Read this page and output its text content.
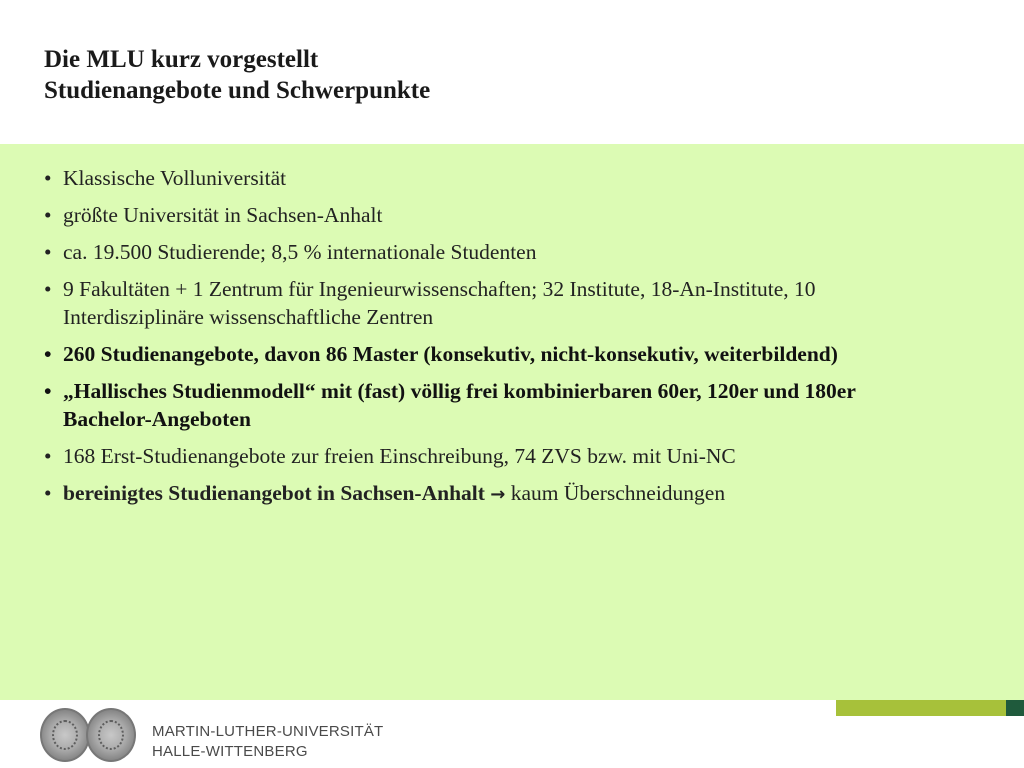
Die MLU kurz vorgestellt
Studienangebote und Schwerpunkte
• Klassische Volluniversität
• größte Universität in Sachsen-Anhalt
• ca. 19.500 Studierende; 8,5 % internationale Studenten
• 9 Fakultäten + 1 Zentrum für Ingenieurwissenschaften; 32 Institute, 18-An-Institute, 10 Interdisziplinäre wissenschaftliche Zentren
• 260 Studienangebote, davon 86 Master (konsekutiv, nicht-konsekutiv, weiterbildend)
• „Hallisches Studienmodell“ mit (fast) völlig frei kombinierbaren 60er, 120er und 180er Bachelor-Angeboten
• 168 Erst-Studienangebote zur freien Einschreibung, 74 ZVS bzw. mit Uni-NC
• bereinigtes Studienangebot in Sachsen-Anhalt → kaum Überschneidungen
MARTIN-LUTHER-UNIVERSITÄT
HALLE-WITTENBERG
